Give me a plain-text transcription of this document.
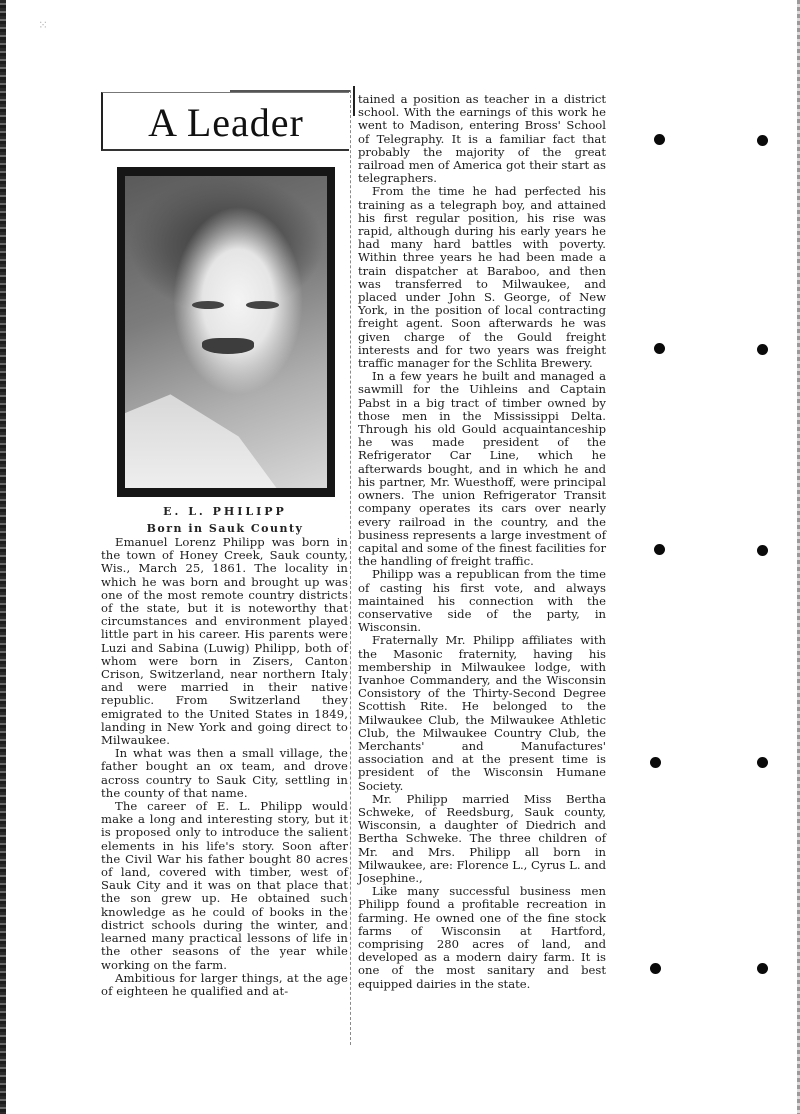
⁙
A Leader
E. L. PHILIPP
Born in Sauk County

Emanuel Lorenz Philipp was born in the town of Honey Creek, Sauk county, Wis., March 25, 1861. The locality in which he was born and brought up was one of the most remote country districts of the state, but it is noteworthy that circumstances and environment played little part in his career. His parents were Luzi and Sabina (Luwig) Philipp, both of whom were born in Zisers, Canton Crison, Switzerland, near northern Italy and were married in their native republic. From Switzerland they emigrated to the United States in 1849, landing in New York and going direct to Milwaukee.

In what was then a small village, the father bought an ox team, and drove across country to Sauk City, settling in the county of that name.

The career of E. L. Philipp would make a long and interesting story, but it is proposed only to introduce the salient elements in his life's story. Soon after the Civil War his father bought 80 acres of land, covered with timber, west of Sauk City and it was on that place that the son grew up. He obtained such knowledge as he could of books in the district schools during the winter, and learned many practical lessons of life in the other seasons of the year while working on the farm.

Ambitious for larger things, at the age of eighteen he qualified and at-

tained a position as teacher in a district school. With the earnings of this work he went to Madison, entering Bross' School of Telegraphy. It is a familiar fact that probably the majority of the great railroad men of America got their start as telegraphers.

From the time he had perfected his training as a telegraph boy, and attained his first regular position, his rise was rapid, although during his early years he had many hard battles with poverty. Within three years he had been made a train dispatcher at Baraboo, and then was transferred to Milwaukee, and placed under John S. George, of New York, in the position of local contracting freight agent. Soon afterwards he was given charge of the Gould freight interests and for two years was freight traffic manager for the Schlita Brewery.

In a few years he built and managed a sawmill for the Uihleins and Captain Pabst in a big tract of timber owned by those men in the Mississippi Delta. Through his old Gould acquaintanceship he was made president of the Refrigerator Car Line, which he afterwards bought, and in which he and his partner, Mr. Wuesthoff, were principal owners. The union Refrigerator Transit company operates its cars over nearly every railroad in the country, and the business represents a large investment of capital and some of the finest facilities for the handling of freight traffic.

Philipp was a republican from the time of casting his first vote, and always maintained his connection with the conservative side of the party, in Wisconsin.

Fraternally Mr. Philipp affiliates with the Masonic fraternity, having his membership in Milwaukee lodge, with Ivanhoe Commandery, and the Wisconsin Consistory of the Thirty-Second Degree Scottish Rite. He belonged to the Milwaukee Club, the Milwaukee Athletic Club, the Milwaukee Country Club, the Merchants' and Manufactures' association and at the present time is president of the Wisconsin Humane Society.

Mr. Philipp married Miss Bertha Schweke, of Reedsburg, Sauk county, Wisconsin, a daughter of Diedrich and Bertha Schweke. The three children of Mr. and Mrs. Philipp all born in Milwaukee, are: Florence L., Cyrus L. and Josephine.,

Like many successful business men Philipp found a profitable recreation in farming. He owned one of the fine stock farms of Wisconsin at Hartford, comprising 280 acres of land, and developed as a modern dairy farm. It is one of the most sanitary and best equipped dairies in the state.
